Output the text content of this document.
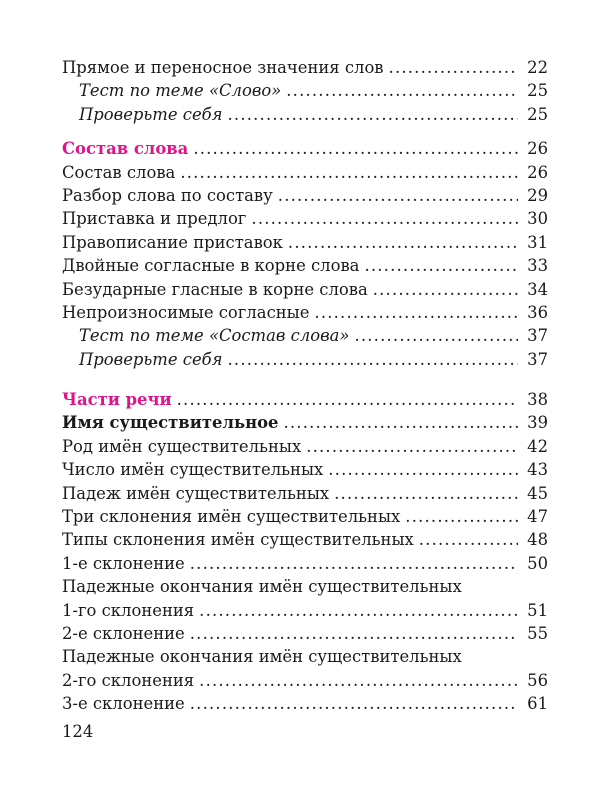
Прямое и переносное значения слов .....	22
Тест по теме «Слово» .....	25
Проверьте себя .....	25
Состав слова .....	26
Состав слова .....	26
Разбор слова по составу .....	29
Приставка и предлог .....	30
Правописание приставок .....	31
Двойные согласные в корне слова .....	33
Безударные гласные в корне слова .....	34
Непроизносимые согласные .....	36
Тест по теме «Состав слова» .....	37
Проверьте себя .....	37
Части речи .....	38
Имя существительное .....	39
Род имён существительных .....	42
Число имён существительных .....	43
Падеж имён существительных .....	45
Три склонения имён существительных .....	47
Типы склонения имён существительных .....	48
1-е склонение .....	50
Падежные окончания имён существительных
1-го склонения .....	51
2-е склонение .....	55
Падежные окончания имён существительных
2-го склонения .....	56
3-е склонение .....	61
124
